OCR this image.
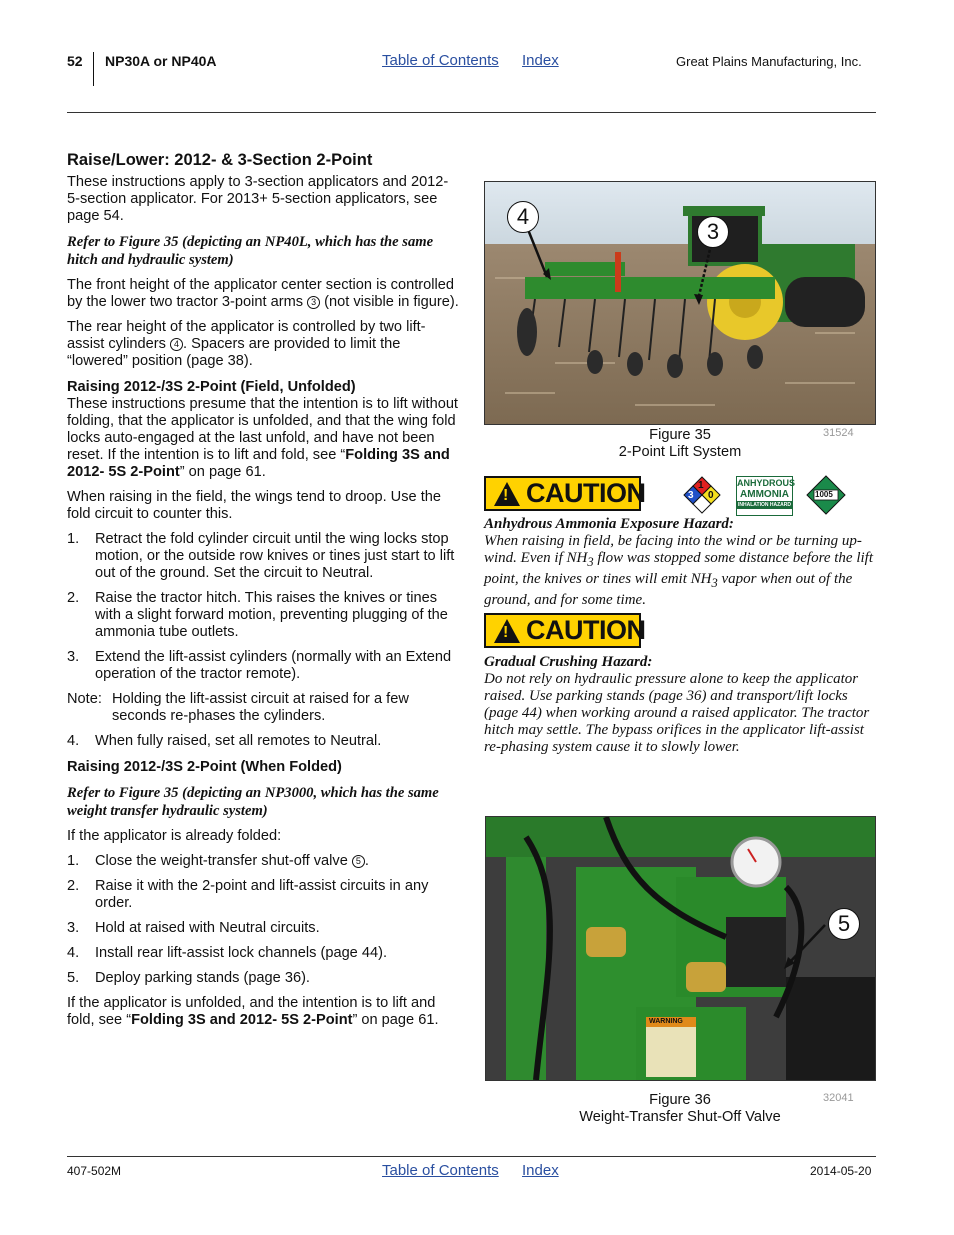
52 NP30A or NP40A	Table of Contents Index	Great Plains Manufacturing, Inc.
Raise/Lower: 2012- & 3-Section 2-Point

These instructions apply to 3-section applicators and 2012- 5-section applicator. For 2013+ 5-section applicators, see page 54.

Refer to Figure 35 (depicting an NP40L, which has the same hitch and hydraulic system)

The front height of the applicator center section is controlled by the lower two tractor 3-point arms 3 (not visible in figure).

The rear height of the applicator is controlled by two lift-assist cylinders 4 . Spacers are provided to limit the “lowered” position (page 38).

Raising 2012-/3S 2-Point (Field, Unfolded)

These instructions presume that the intention is to lift without folding, that the applicator is unfolded, and that the wing fold locks auto-engaged at the last unfold, and have not been reset. If the intention is to lift and fold, see “Folding 3S and 2012- 5S 2-Point” on page 61.

When raising in the field, the wings tend to droop. Use the fold circuit to counter this.

1.	Retract the fold cylinder circuit until the wing locks stop motion, or the outside row knives or tines just start to lift out of the ground. Set the circuit to Neutral.
2.	Raise the tractor hitch. This raises the knives or tines with a slight forward motion, preventing plugging of the ammonia tube outlets.
3.	Extend the lift-assist cylinders (normally with an Extend operation of the tractor remote).
Note: Holding the lift-assist circuit at raised for a few seconds re-phases the cylinders.
4.	When fully raised, set all remotes to Neutral.
Raising 2012-/3S 2-Point (When Folded)

Refer to Figure 35 (depicting an NP3000, which has the same weight transfer hydraulic system)

If the applicator is already folded:

1.	Close the weight-transfer shut-off valve 5 .
2.	Raise it with the 2-point and lift-assist circuits in any order.
3.	Hold at raised with Neutral circuits.
4.	Install rear lift-assist lock channels (page 44).
5.	Deploy parking stands (page 36).

If the applicator is unfolded, and the intention is to lift and fold, see “Folding 3S and 2012- 5S 2-Point” on page 61.

4
3
Figure 35
2-Point Lift System
31524
! CAUTION	1
3 0
ANHYDROUS
AMMONIA
INHALATION HAZARD
1005
Anhydrous Ammonia Exposure Hazard:
When raising in field, be facing into the wind or be turning up-wind. Even if $NH_3$ flow was stopped some distance before the lift point, the knives or tines will emit $NH_3$ vapor when out of the ground, and for some time.
! CAUTION
Gradual Crushing Hazard:
Do not rely on hydraulic pressure alone to keep the applicator raised. Use parking stands (page 36) and transport/lift locks (page 44) when working around a raised applicator. The tractor hitch may settle. The bypass orifices in the applicator lift-assist re-phasing system cause it to slowly lower.
WARNING
5
Figure 36
Weight-Transfer Shut-Off Valve
32041
407-502M	Table of Contents Index	2014-05-20
